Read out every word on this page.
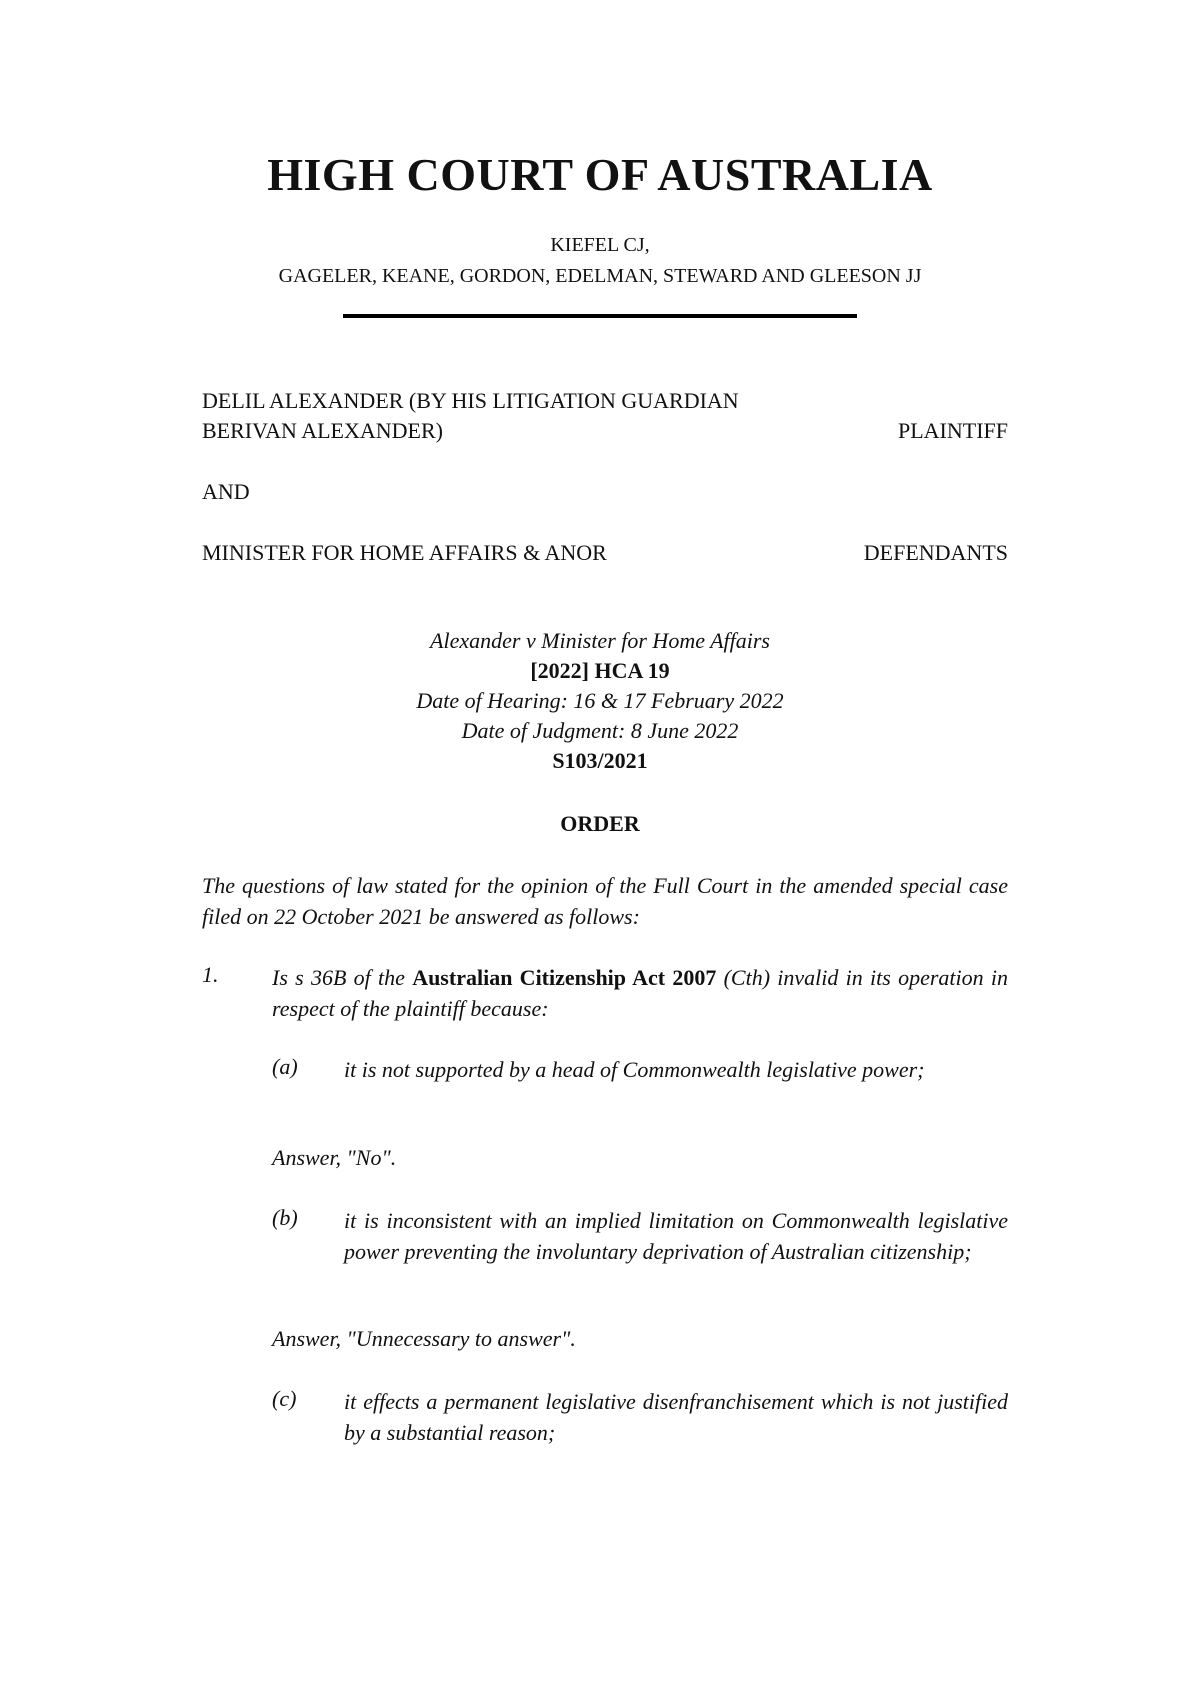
HIGH COURT OF AUSTRALIA
KIEFEL CJ,
GAGELER, KEANE, GORDON, EDELMAN, STEWARD AND GLEESON JJ
DELIL ALEXANDER (BY HIS LITIGATION GUARDIAN
BERIVAN ALEXANDER)	PLAINTIFF
AND
MINISTER FOR HOME AFFAIRS & ANOR	DEFENDANTS
Alexander v Minister for Home Affairs
[2022] HCA 19
Date of Hearing: 16 & 17 February 2022
Date of Judgment: 8 June 2022
S103/2021
ORDER
The questions of law stated for the opinion of the Full Court in the amended special case filed on 22 October 2021 be answered as follows:
1. Is s 36B of the Australian Citizenship Act 2007 (Cth) invalid in its operation in respect of the plaintiff because:
(a) it is not supported by a head of Commonwealth legislative power;
Answer, "No".
(b) it is inconsistent with an implied limitation on Commonwealth legislative power preventing the involuntary deprivation of Australian citizenship;
Answer, "Unnecessary to answer".
(c) it effects a permanent legislative disenfranchisement which is not justified by a substantial reason;
